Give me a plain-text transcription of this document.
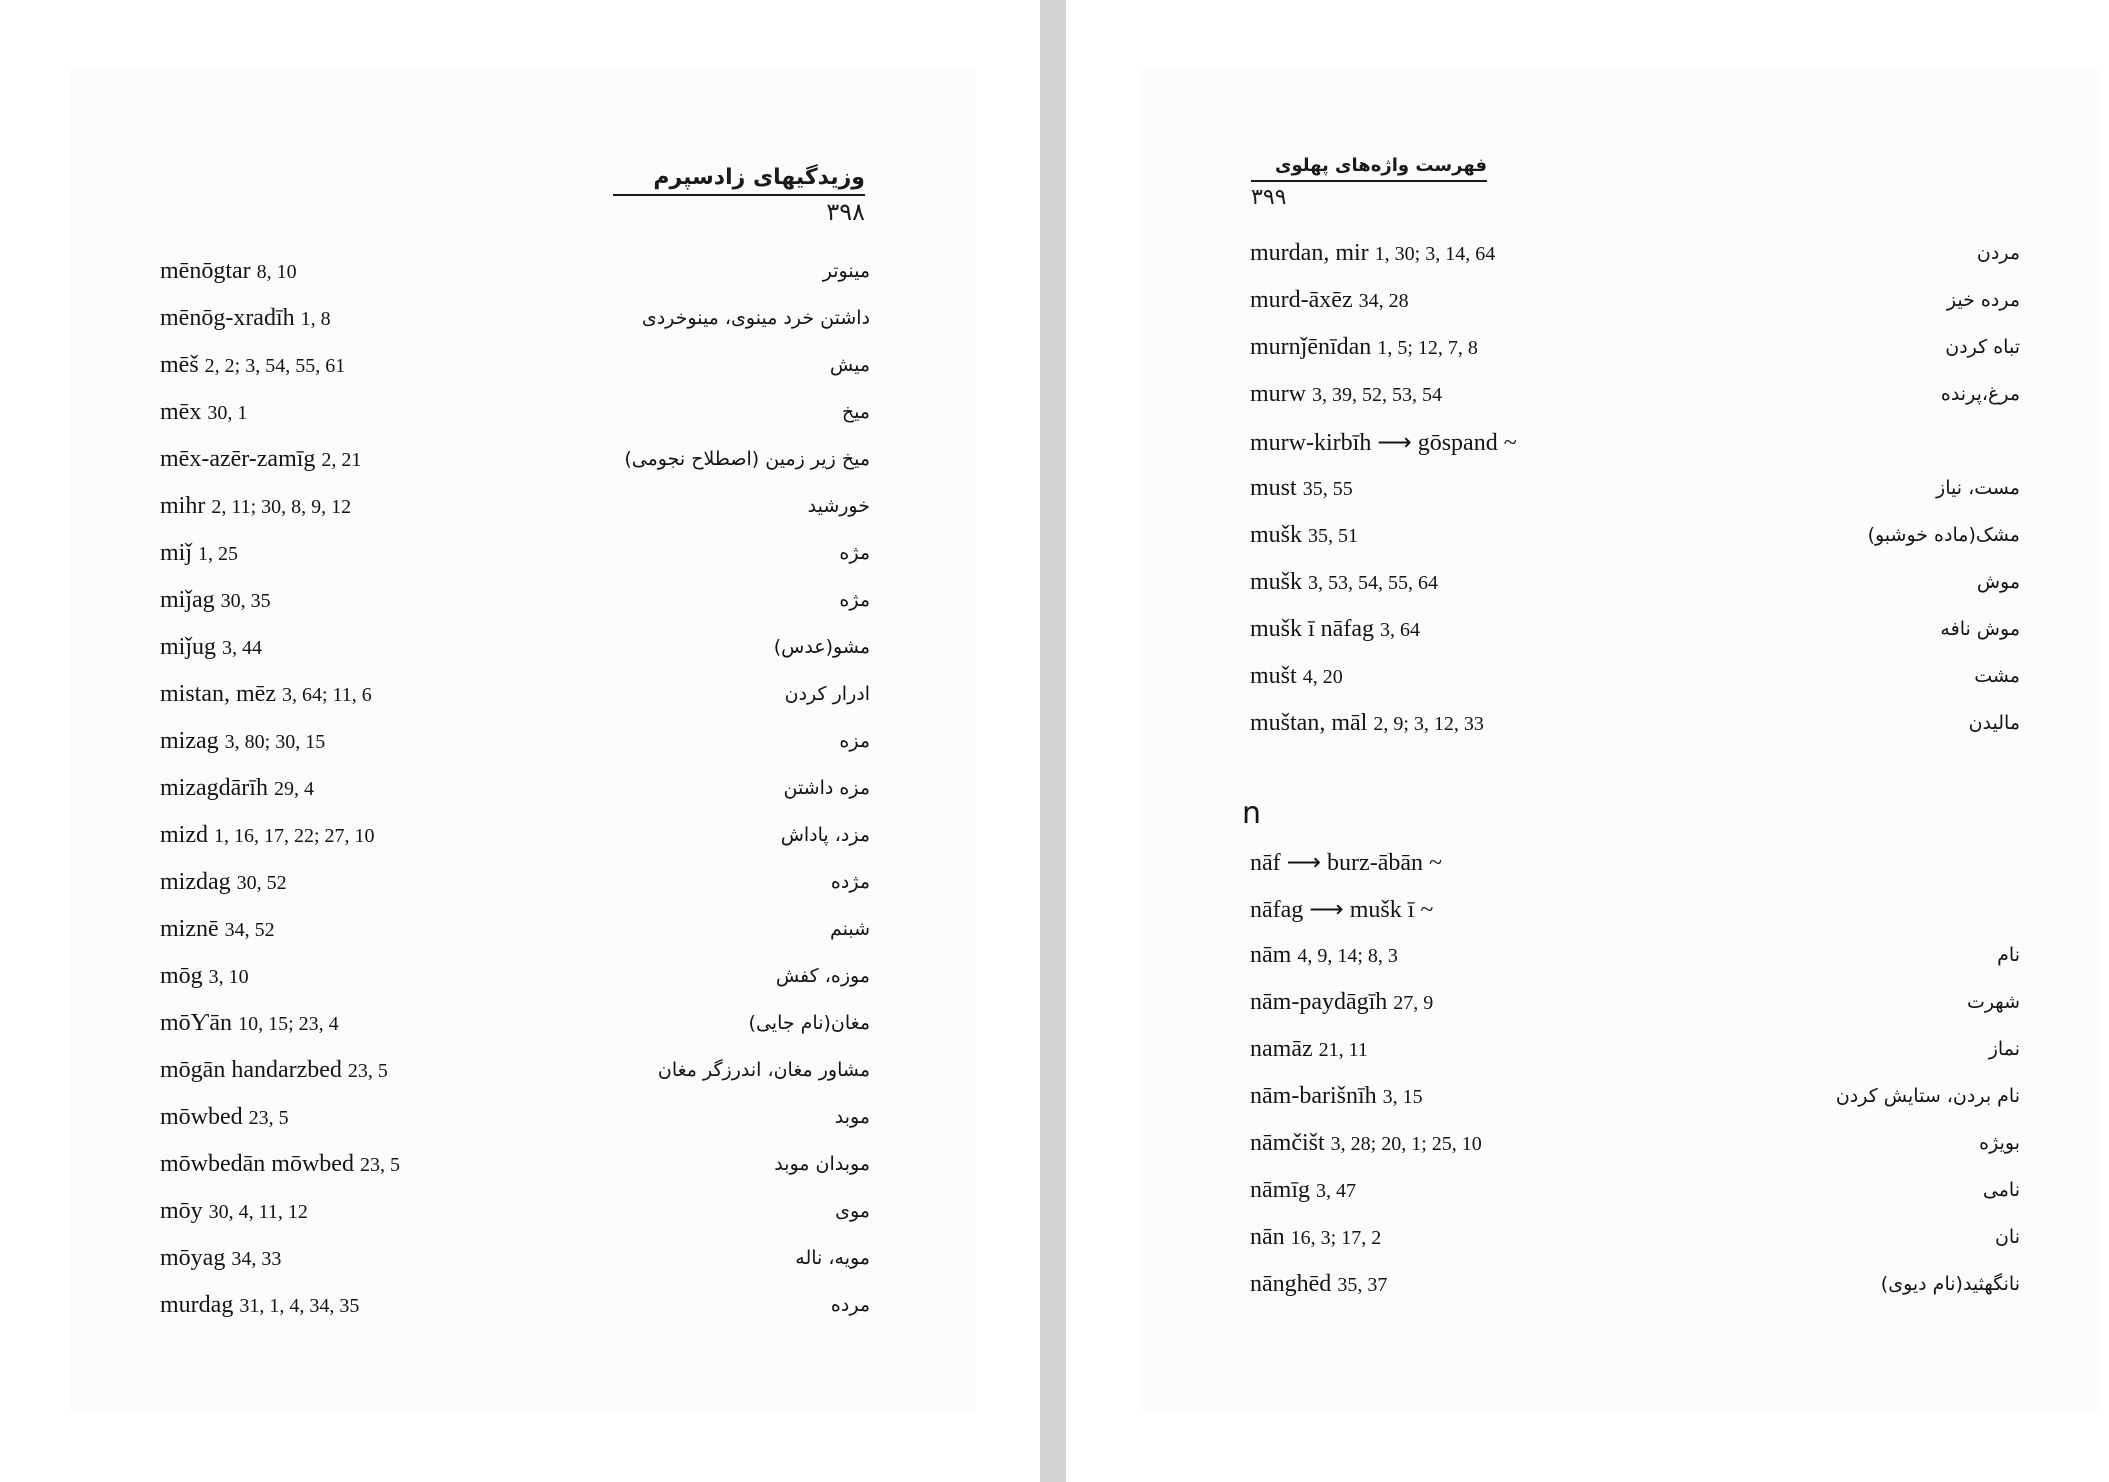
وزیدگیهای زادسپرم
۳۹۸
mēnōgtar 8, 10	مینوتر
mēnōg-xradīh 1, 8	داشتن خرد مینوی، مینوخردی
mēš 2, 2; 3, 54, 55, 61	میش
mēx 30, 1	میخ
mēx-azēr-zamīg 2, 21	میخ زیر زمین (اصطلاح نجومی)
mihr 2, 11; 30, 8, 9, 12	خورشید
miǰ 1, 25	مژه
miǰag 30, 35	مژه
miǰug 3, 44	مشو(عدس)
mistan, mēz 3, 64; 11, 6	ادرار کردن
mizag 3, 80; 30, 15	مزه
mizagdārīh 29, 4	مزه داشتن
mizd 1, 16, 17, 22; 27, 10	مزد، پاداش
mizdag 30, 52	مژده
miznē 34, 52	شبنم
mōg 3, 10	موزه، کفش
mōƳān 10, 15; 23, 4	مغان(نام جایی)
mōgān handarzbed 23, 5	مشاور مغان، اندرزگر مغان
mōwbed 23, 5	موبد
mōwbedān mōwbed 23, 5	موبدان موبد
mōy 30, 4, 11, 12	موی
mōyag 34, 33	مویه، ناله
murdag 31, 1, 4, 34, 35	مرده
فهرست واژه‌های پهلوی
۳۹۹
murdan, mir 1, 30; 3, 14, 64	مردن
murd-āxēz 34, 28	مرده خیز
murnǰēnīdan 1, 5; 12, 7, 8	تباه کردن
murw 3, 39, 52, 53, 54	مرغ،پرنده
murw-kirbīh ⟶ gōspand ~
must 35, 55	مست، نیاز
mušk 35, 51	مشک(ماده خوشبو)
mušk 3, 53, 54, 55, 64	موش
mušk ī nāfag 3, 64	موش نافه
mušt 4, 20	مشت
muštan, māl 2, 9; 3, 12, 33	مالیدن
n
nāf ⟶ burz-ābān ~
nāfag ⟶ mušk ī ~
nām 4, 9, 14; 8, 3	نام
nām-paydāgīh 27, 9	شهرت
namāz 21, 11	نماز
nām-barišnīh 3, 15	نام بردن، ستایش کردن
nāmčišt 3, 28; 20, 1; 25, 10	بویژه
nāmīg 3, 47	نامی
nān 16, 3; 17, 2	نان
nānghēd 35, 37	نانگهثید(نام دیوی)
